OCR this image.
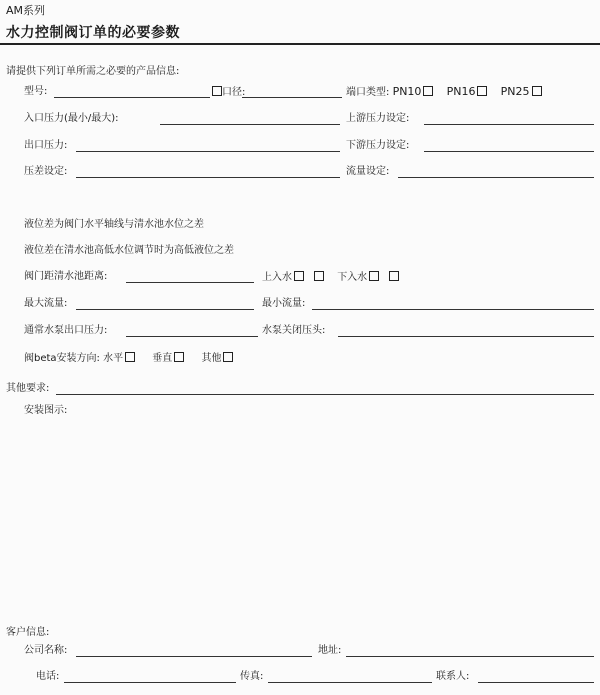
AM系列
水力控制阀订单的必要参数
请提供下列订单所需之必要的产品信息:
型号:	口径:	端口类型: PN10 PN16 PN25
入口压力(最小/最大):	上游压力设定:
出口压力:	下游压力设定:
压差设定:	流量设定:
液位差为阀门水平轴线与清水池水位之差
液位差在清水池高低水位调节时为高低液位之差
阀门距清水池距离:	上入水	下入水
最大流量:	最小流量:
通常水泵出口压力:	水泵关闭压头:
阀beta安装方向: 水平	垂直	其他
其他要求:
安装图示:
客户信息:
公司名称:	地址:
电话:	传真:	联系人:
